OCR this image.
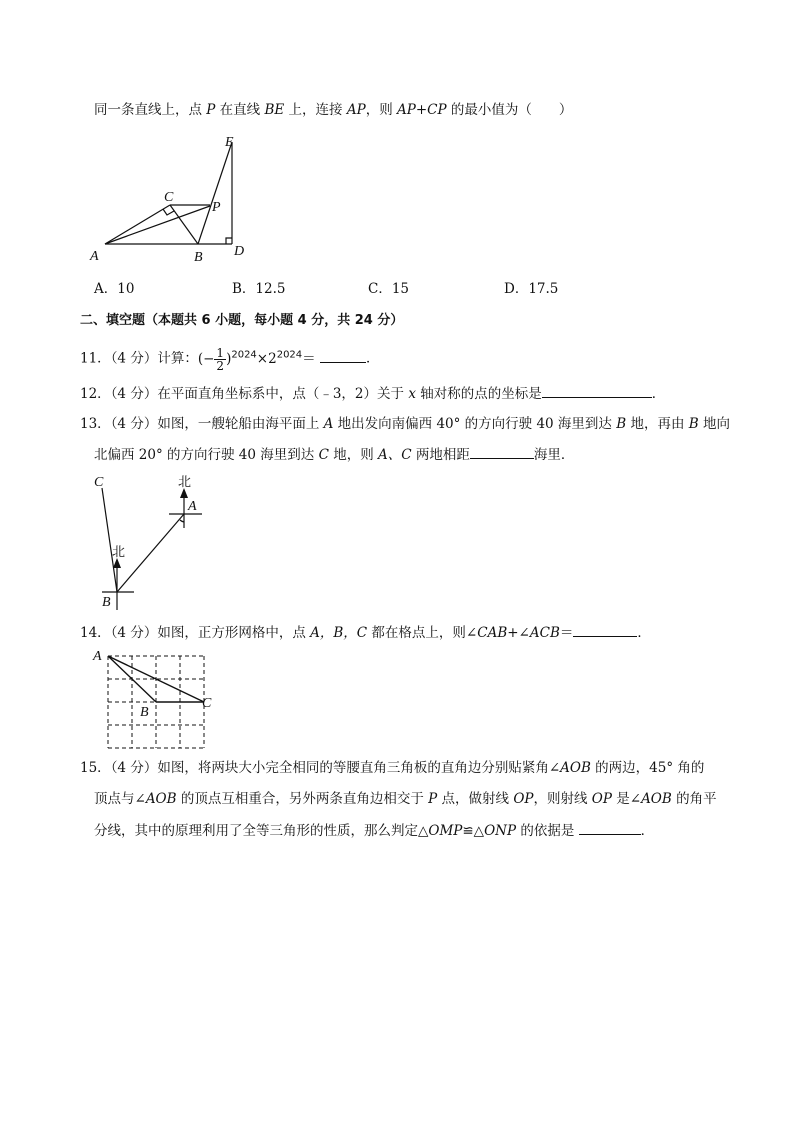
同一条直线上，点 P 在直线 BE 上，连接 AP，则 AP+CP 的最小值为（　　）
A	B
C
D
E
P
A．10	B．12.5	C．15	D．17.5
二、填空题（本题共 6 小题，每小题 4 分，共 24 分）
11．（4 分）计算：(− $\frac{1}{2} )^{2024}\times 2^{2024}=$	．
12．（4 分）在平面直角坐标系中，点（﹣3，2）关于 x 轴对称的点的坐标是	．
13．（4 分）如图，一艘轮船由海平面上 A 地出发向南偏西 40° 的方向行驶 40 海里到达 B 地，再由 B 地向
北偏西 20° 的方向行驶 40 海里到达 C 地，则 A、C 两地相距	海里．
C
B
A
北
北
14．（4 分）如图，正方形网格中，点 A，B，C 都在格点上，则∠CAB+∠ACB＝	．
A
B
C
15．（4 分）如图，将两块大小完全相同的等腰直角三角板的直角边分别贴紧角∠AOB 的两边，45° 角的
顶点与∠AOB 的顶点互相重合，另外两条直角边相交于 P 点，做射线 OP，则射线 OP 是∠AOB 的角平
分线，其中的原理利用了全等三角形的性质，那么判定△OMP≌△ONP 的依据是	．
